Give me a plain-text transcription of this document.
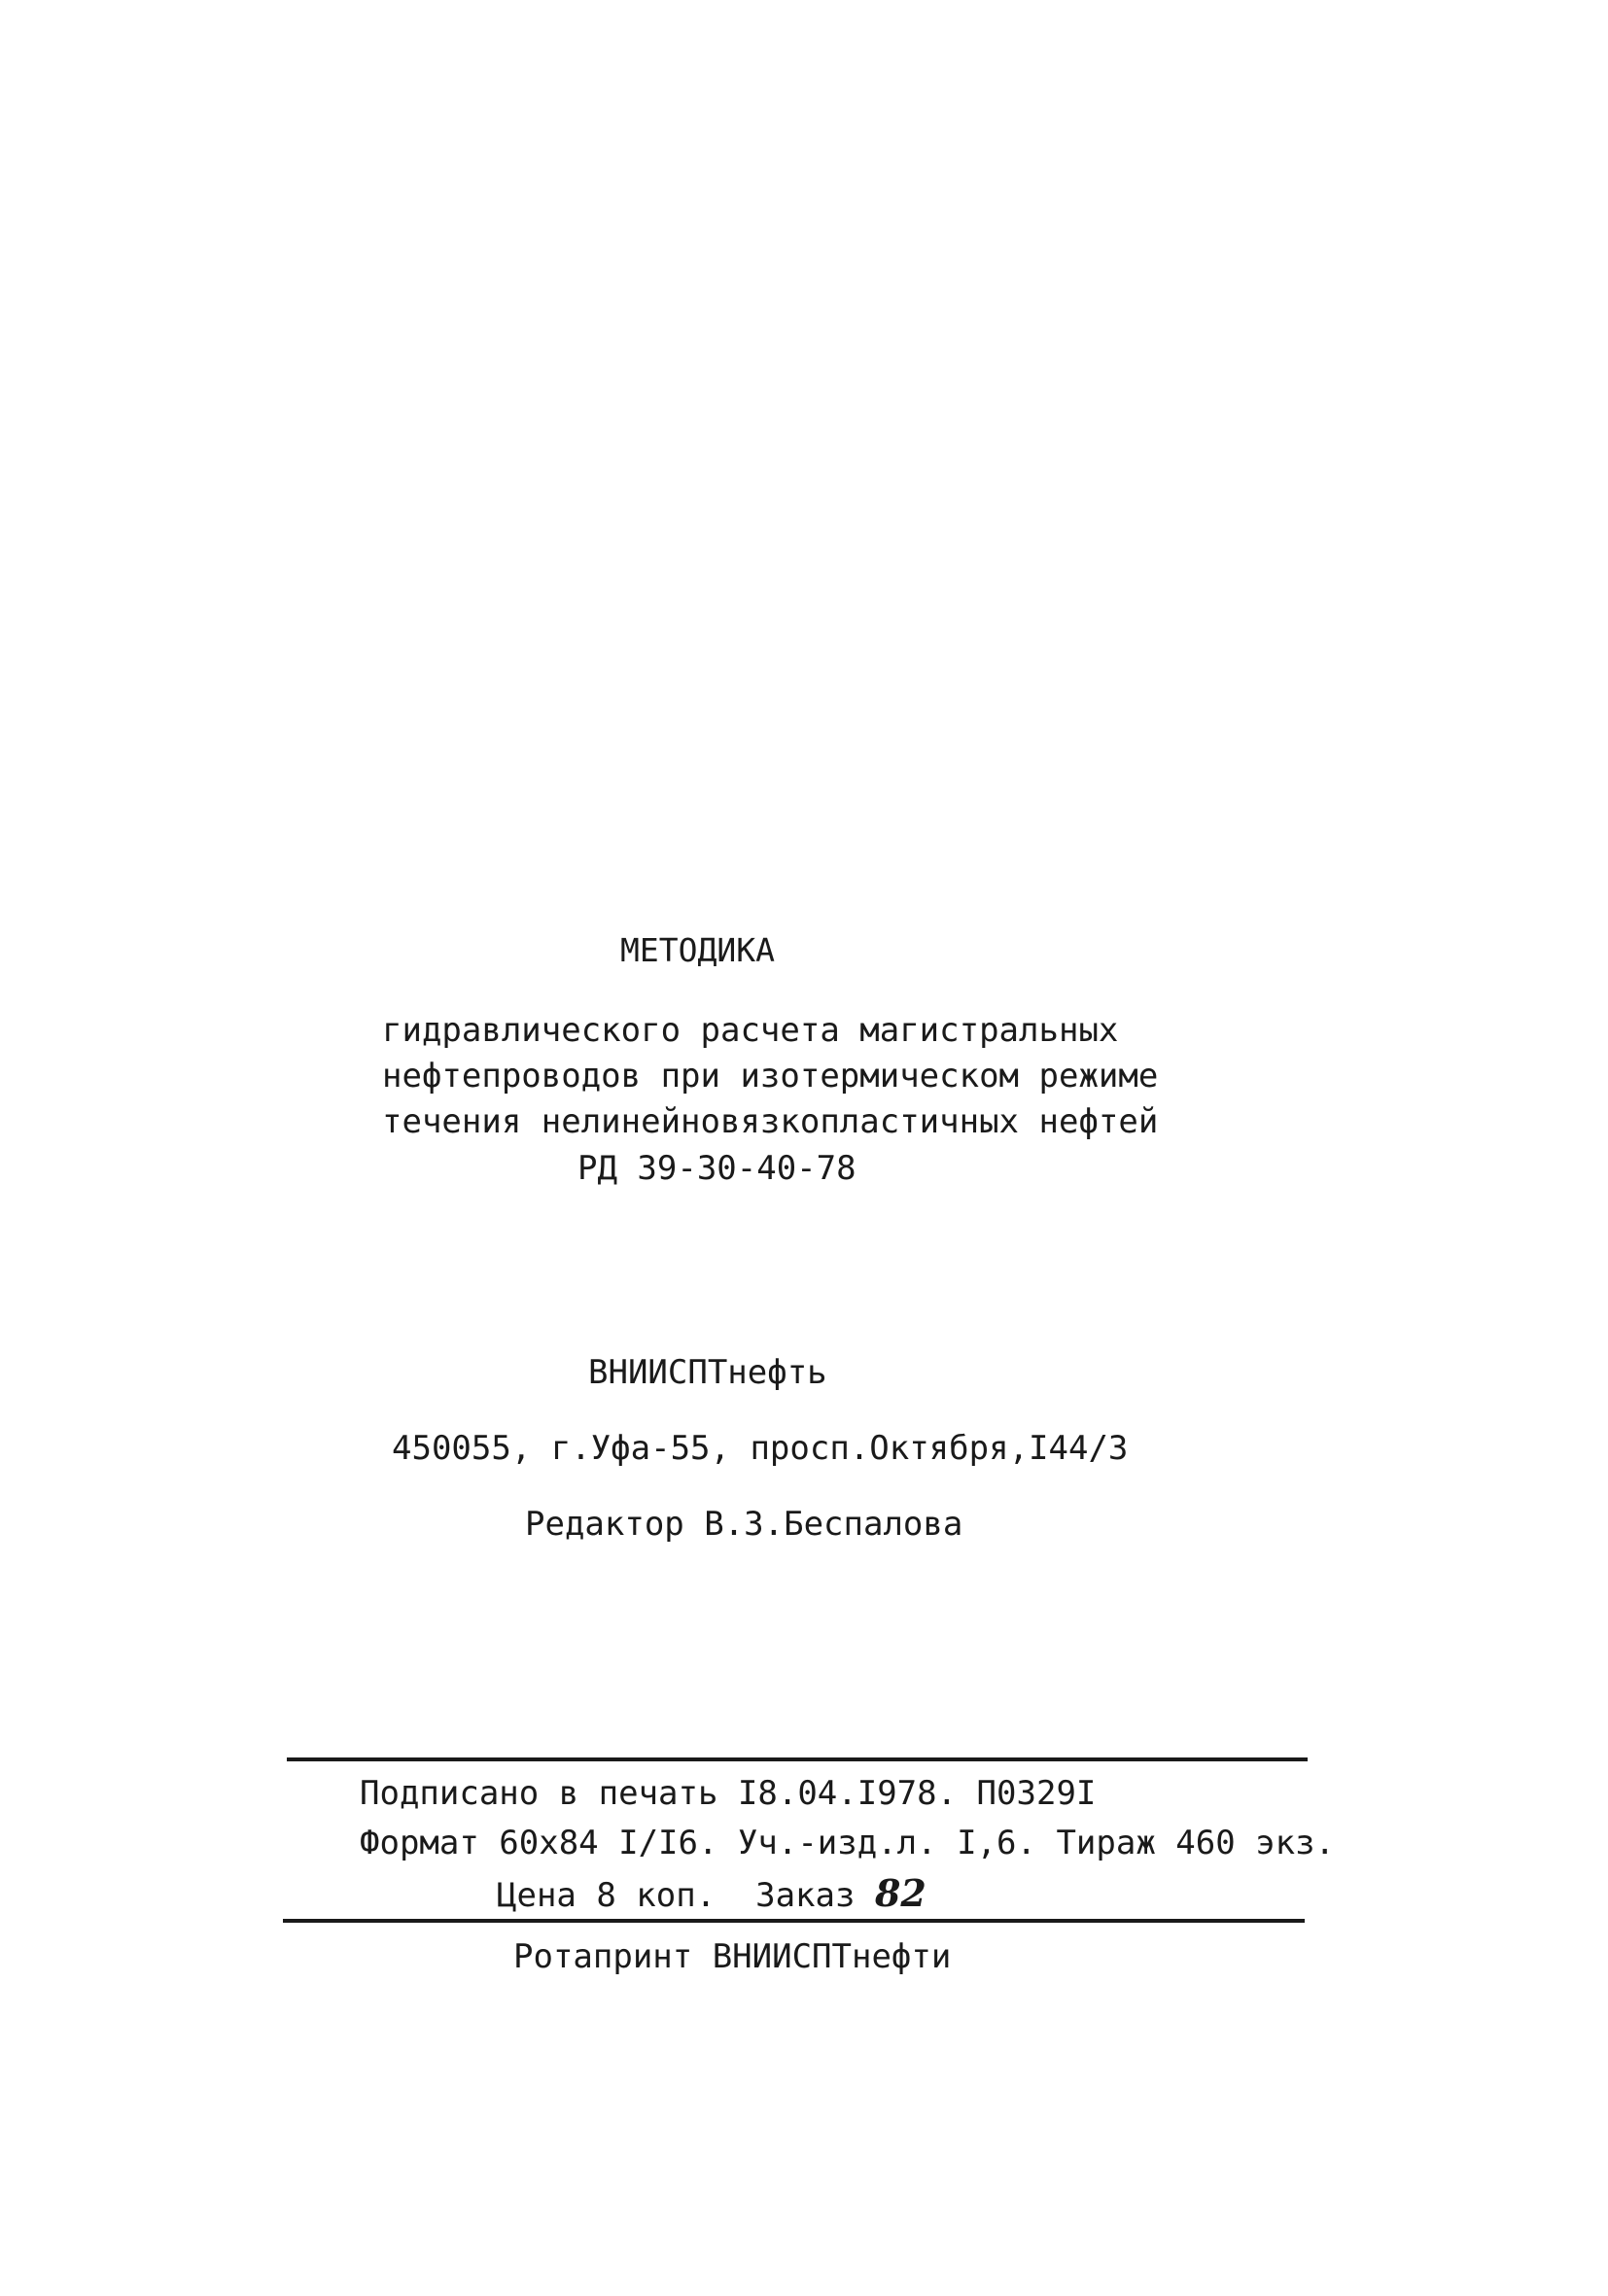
МЕТОДИКА
гидравлического расчета магистральных
нефтепроводов при изотермическом режиме
течения нелинейновязкопластичных нефтей
РД 39-30-40-78
ВНИИСПТнефть
450055, г.Уфа-55, просп.Октября,I44/3
Редактор В.З.Беспалова
Подписано в печать I8.04.I978. П0329I
Формат 60х84 I/I6. Уч.-изд.л. I,6. Тираж 460 экз.
Цена 8 коп.  Заказ 82
Ротапринт ВНИИСПТнефти
